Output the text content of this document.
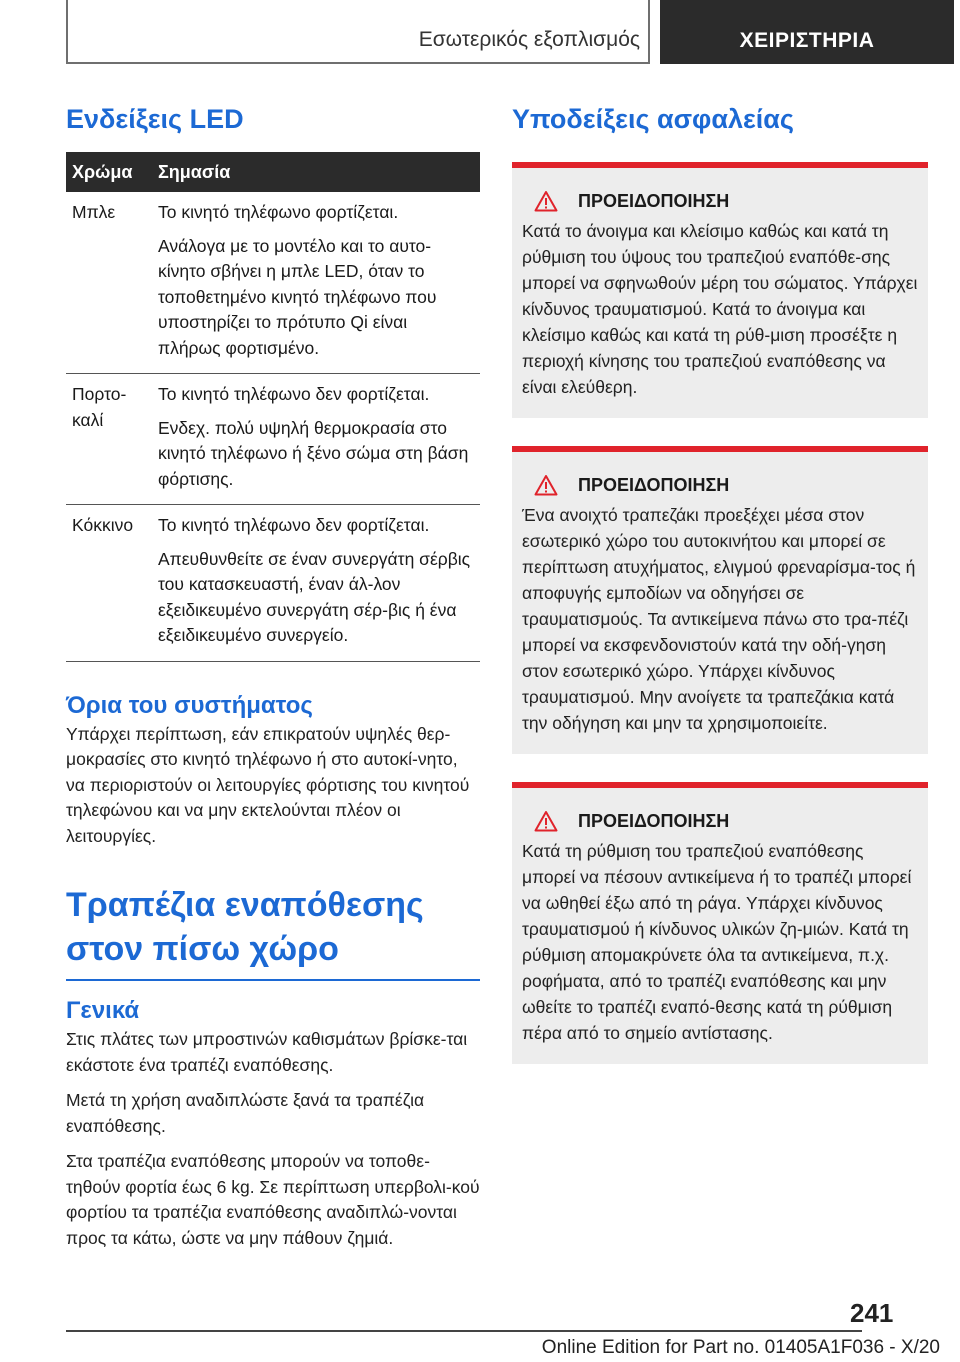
Εσωτερικός εξοπλισμός	ΧΕΙΡΙΣΤΗΡΙΑ
Ενδείξεις LED
Χρώμα	Σημασία
Μπλε	Το κινητό τηλέφωνο φορτίζεται.

Ανάλογα με το μοντέλο και το αυτο-κίνητο σβήνει η μπλε LED, όταν το τοποθετημένο κινητό τηλέφωνο που υποστηρίζει το πρότυπο Qi είναι πλήρως φορτισμένο.

Πορτο-καλί	Το κινητό τηλέφωνο δεν φορτίζεται.

Ενδεχ. πολύ υψηλή θερμοκρασία στο κινητό τηλέφωνο ή ξένο σώμα στη βάση φόρτισης.

Κόκκινο	Το κινητό τηλέφωνο δεν φορτίζεται.

Απευθυνθείτε σε έναν συνεργάτη σέρβις του κατασκευαστή, έναν άλ-λον εξειδικευμένο συνεργάτη σέρ-βις ή ένα εξειδικευμένο συνεργείο.

Όρια του συστήματος

Υπάρχει περίπτωση, εάν επικρατούν υψηλές θερ-μοκρασίες στο κινητό τηλέφωνο ή στο αυτοκί-νητο, να περιοριστούν οι λειτουργίες φόρτισης του κινητού τηλεφώνου και να μην εκτελούνται πλέον οι λειτουργίες.

Τραπέζια εναπόθεσης
στον πίσω χώρο
Γενικά

Στις πλάτες των μπροστινών καθισμάτων βρίσκε-ται εκάστοτε ένα τραπέζι εναπόθεσης.

Μετά τη χρήση αναδιπλώστε ξανά τα τραπέζια εναπόθεσης.

Στα τραπέζια εναπόθεσης μπορούν να τοποθε-τηθούν φορτία έως 6 kg. Σε περίπτωση υπερβολι-κού φορτίου τα τραπέζια εναπόθεσης αναδιπλώ-νονται προς τα κάτω, ώστε να μην πάθουν ζημιά.

Υποδείξεις ασφαλείας
ΠΡΟΕΙΔΟΠΟΙΗΣΗ

Κατά το άνοιγμα και κλείσιμο καθώς και κατά τη ρύθμιση του ύψους του τραπεζιού εναπόθε-σης μπορεί να σφηνωθούν μέρη του σώματος. Υπάρχει κίνδυνος τραυματισμού. Κατά το άνοιγμα και κλείσιμο καθώς και κατά τη ρύθ-μιση προσέξτε η περιοχή κίνησης του τραπεζιού εναπόθεσης να είναι ελεύθερη.

ΠΡΟΕΙΔΟΠΟΙΗΣΗ

Ένα ανοιχτό τραπεζάκι προεξέχει μέσα στον εσωτερικό χώρο του αυτοκινήτου και μπορεί σε περίπτωση ατυχήματος, ελιγμού φρεναρίσμα-τος ή αποφυγής εμποδίων να οδηγήσει σε τραυματισμούς. Τα αντικείμενα πάνω στο τρα-πέζι μπορεί να εκσφενδονιστούν κατά την οδή-γηση στον εσωτερικό χώρο. Υπάρχει κίνδυνος τραυματισμού. Μην ανοίγετε τα τραπεζάκια κατά την οδήγηση και μην τα χρησιμοποιείτε.

ΠΡΟΕΙΔΟΠΟΙΗΣΗ

Κατά τη ρύθμιση του τραπεζιού εναπόθεσης μπορεί να πέσουν αντικείμενα ή το τραπέζι μπορεί να ωθηθεί έξω από τη ράγα. Υπάρχει κίνδυνος τραυματισμού ή κίνδυνος υλικών ζη-μιών. Κατά τη ρύθμιση απομακρύνετε όλα τα αντικείμενα, π.χ. ροφήματα, από το τραπέζι εναπόθεσης και μην ωθείτε το τραπέζι εναπό-θεσης κατά τη ρύθμιση πέρα από το σημείο αντίστασης.

241
Online Edition for Part no. 01405A1F036 - X/20
